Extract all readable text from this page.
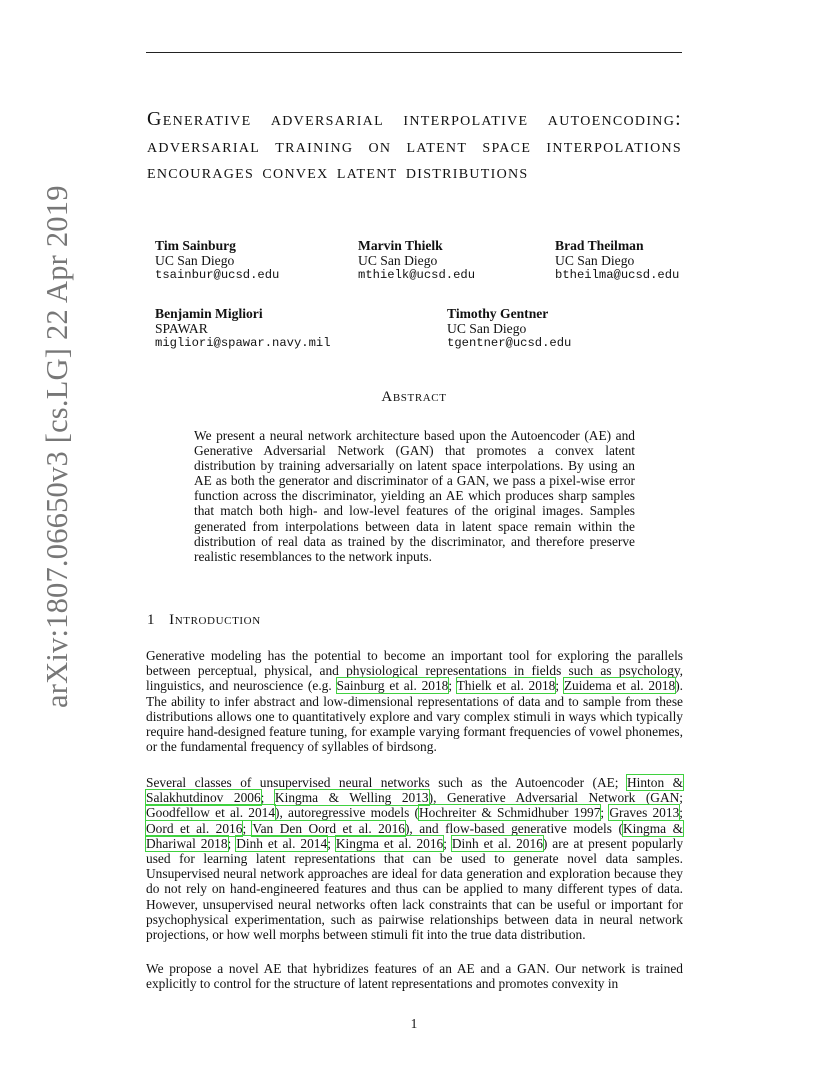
arXiv:1807.06650v3 [cs.LG] 22 Apr 2019
Generative adversarial interpolative autoencoding: adversarial training on latent space interpolations encourages convex latent distributions
Tim Sainburg
UC San Diego
tsainbur@ucsd.edu
Marvin Thielk
UC San Diego
mthielk@ucsd.edu
Brad Theilman
UC San Diego
btheilma@ucsd.edu
Benjamin Migliori
SPAWAR
migliori@spawar.navy.mil
Timothy Gentner
UC San Diego
tgentner@ucsd.edu
Abstract
We present a neural network architecture based upon the Autoencoder (AE) and Generative Adversarial Network (GAN) that promotes a convex latent distribution by training adversarially on latent space interpolations. By using an AE as both the generator and discriminator of a GAN, we pass a pixel-wise error function across the discriminator, yielding an AE which produces sharp samples that match both high- and low-level features of the original images. Samples generated from interpolations between data in latent space remain within the distribution of real data as trained by the discriminator, and therefore preserve realistic resemblances to the network inputs.
1 Introduction

Generative modeling has the potential to become an important tool for exploring the parallels between perceptual, physical, and physiological representations in fields such as psychology, linguistics, and neuroscience (e.g. Sainburg et al. 2018; Thielk et al. 2018; Zuidema et al. 2018). The ability to infer abstract and low-dimensional representations of data and to sample from these distributions allows one to quantitatively explore and vary complex stimuli in ways which typically require hand-designed feature tuning, for example varying formant frequencies of vowel phonemes, or the fundamental frequency of syllables of birdsong.

Several classes of unsupervised neural networks such as the Autoencoder (AE; Hinton & Salakhutdinov 2006; Kingma & Welling 2013), Generative Adversarial Network (GAN; Goodfellow et al. 2014), autoregressive models (Hochreiter & Schmidhuber 1997; Graves 2013; Oord et al. 2016; Van Den Oord et al. 2016), and flow-based generative models (Kingma & Dhariwal 2018; Dinh et al. 2014; Kingma et al. 2016; Dinh et al. 2016) are at present popularly used for learning latent representations that can be used to generate novel data samples. Unsupervised neural network approaches are ideal for data generation and exploration because they do not rely on hand-engineered features and thus can be applied to many different types of data. However, unsupervised neural networks often lack constraints that can be useful or important for psychophysical experimentation, such as pairwise relationships between data in neural network projections, or how well morphs between stimuli fit into the true data distribution.

We propose a novel AE that hybridizes features of an AE and a GAN. Our network is trained explicitly to control for the structure of latent representations and promotes convexity in

1
